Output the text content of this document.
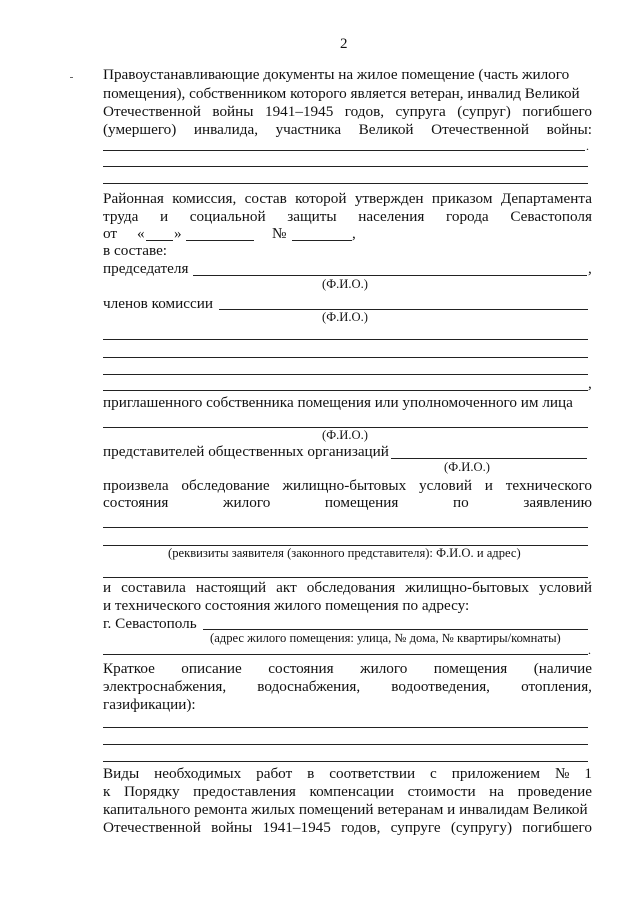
2
Правоустанавливающие документы на жилое помещение (часть жилого
помещения), собственником которого является ветеран, инвалид Великой
Отечественной войны 1941–1945 годов, супруга (супруг) погибшего
(умершего) инвалида, участника Великой Отечественной войны:
.
Районная комиссия, состав которой утвержден приказом Департамента
труда и социальной защиты населения города Севастополя
от « »	№	,
в составе:
председателя	,
(Ф.И.О.)
членов комиссии
(Ф.И.О.)
,
приглашенного собственника помещения или уполномоченного им лица
(Ф.И.О.)
представителей общественных организаций
(Ф.И.О.)
произвела обследование жилищно-бытовых условий и технического
состояния	жилого	помещения	по	заявлению
(реквизиты заявителя (законного представителя): Ф.И.О. и адрес)
и составила настоящий акт обследования жилищно-бытовых условий
и технического состояния жилого помещения по адресу:
г. Севастополь
(адрес жилого помещения: улица, № дома, № квартиры/комнаты)
.
Краткое описание состояния жилого помещения (наличие
электроснабжения, водоснабжения, водоотведения, отопления,
газификации):
Виды необходимых работ в соответствии с приложением № 1
к Порядку предоставления компенсации стоимости на проведение
капитального ремонта жилых помещений ветеранам и инвалидам Великой
Отечественной войны 1941–1945 годов, супруге (супругу) погибшего
